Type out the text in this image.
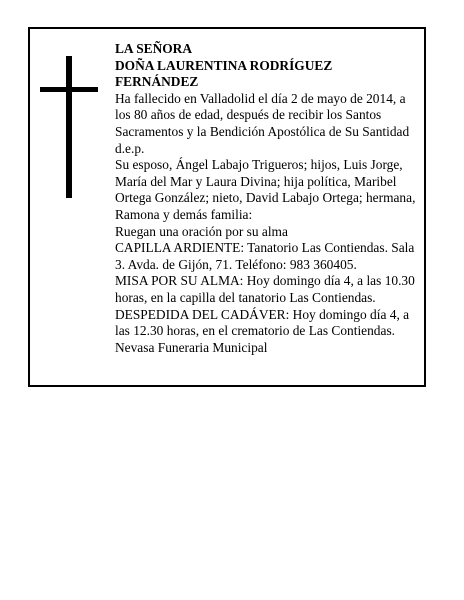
LA SEÑORA

DOÑA LAURENTINA RODRÍGUEZ

FERNÁNDEZ

Ha fallecido en Valladolid el día 2 de mayo de 2014, a los 80 años de edad, después de recibir los Santos Sacramentos y la Bendición Apostólica de Su Santidad

d.e.p.

Su esposo, Ángel Labajo Trigueros; hijos, Luis Jorge, María del Mar y Laura Divina; hija política, Maribel Ortega González; nieto, David Labajo Ortega; hermana, Ramona y demás familia:

Ruegan una oración por su alma

CAPILLA ARDIENTE: Tanatorio Las Contiendas. Sala 3. Avda. de Gijón, 71. Teléfono: 983 360405.

MISA POR SU ALMA: Hoy domingo día 4, a las 10.30 horas, en la capilla del tanatorio Las Contiendas.

DESPEDIDA DEL CADÁVER: Hoy domingo día 4, a las 12.30 horas, en el crematorio de Las Contiendas.

Nevasa Funeraria Municipal
